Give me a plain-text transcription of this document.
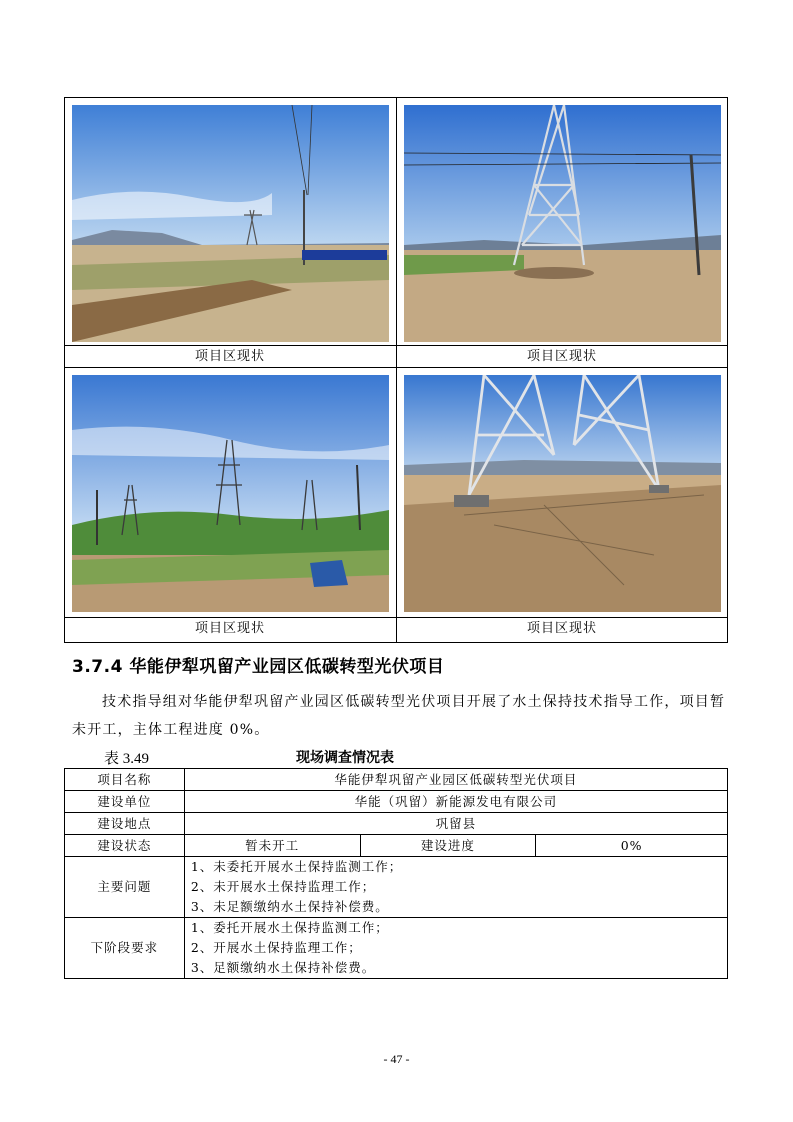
项目区现状	项目区现状
项目区现状	项目区现状
3.7.4 华能伊犁巩留产业园区低碳转型光伏项目
技术指导组对华能伊犁巩留产业园区低碳转型光伏项目开展了水土保持技术指导工作，项目暂未开工，主体工程进度 0%。
表 3.49	现场调查情况表
项目名称	华能伊犁巩留产业园区低碳转型光伏项目		
建设单位	华能（巩留）新能源发电有限公司		
建设地点	巩留县		
建设状态	暂未开工	建设进度	0%
主要问题	1、未委托开展水土保持监测工作；
2、未开展水土保持监理工作；
3、未足额缴纳水土保持补偿费。		

下阶段要求	1、委托开展水土保持监测工作；
2、开展水土保持监理工作；
3、足额缴纳水土保持补偿费。		
- 47 -
